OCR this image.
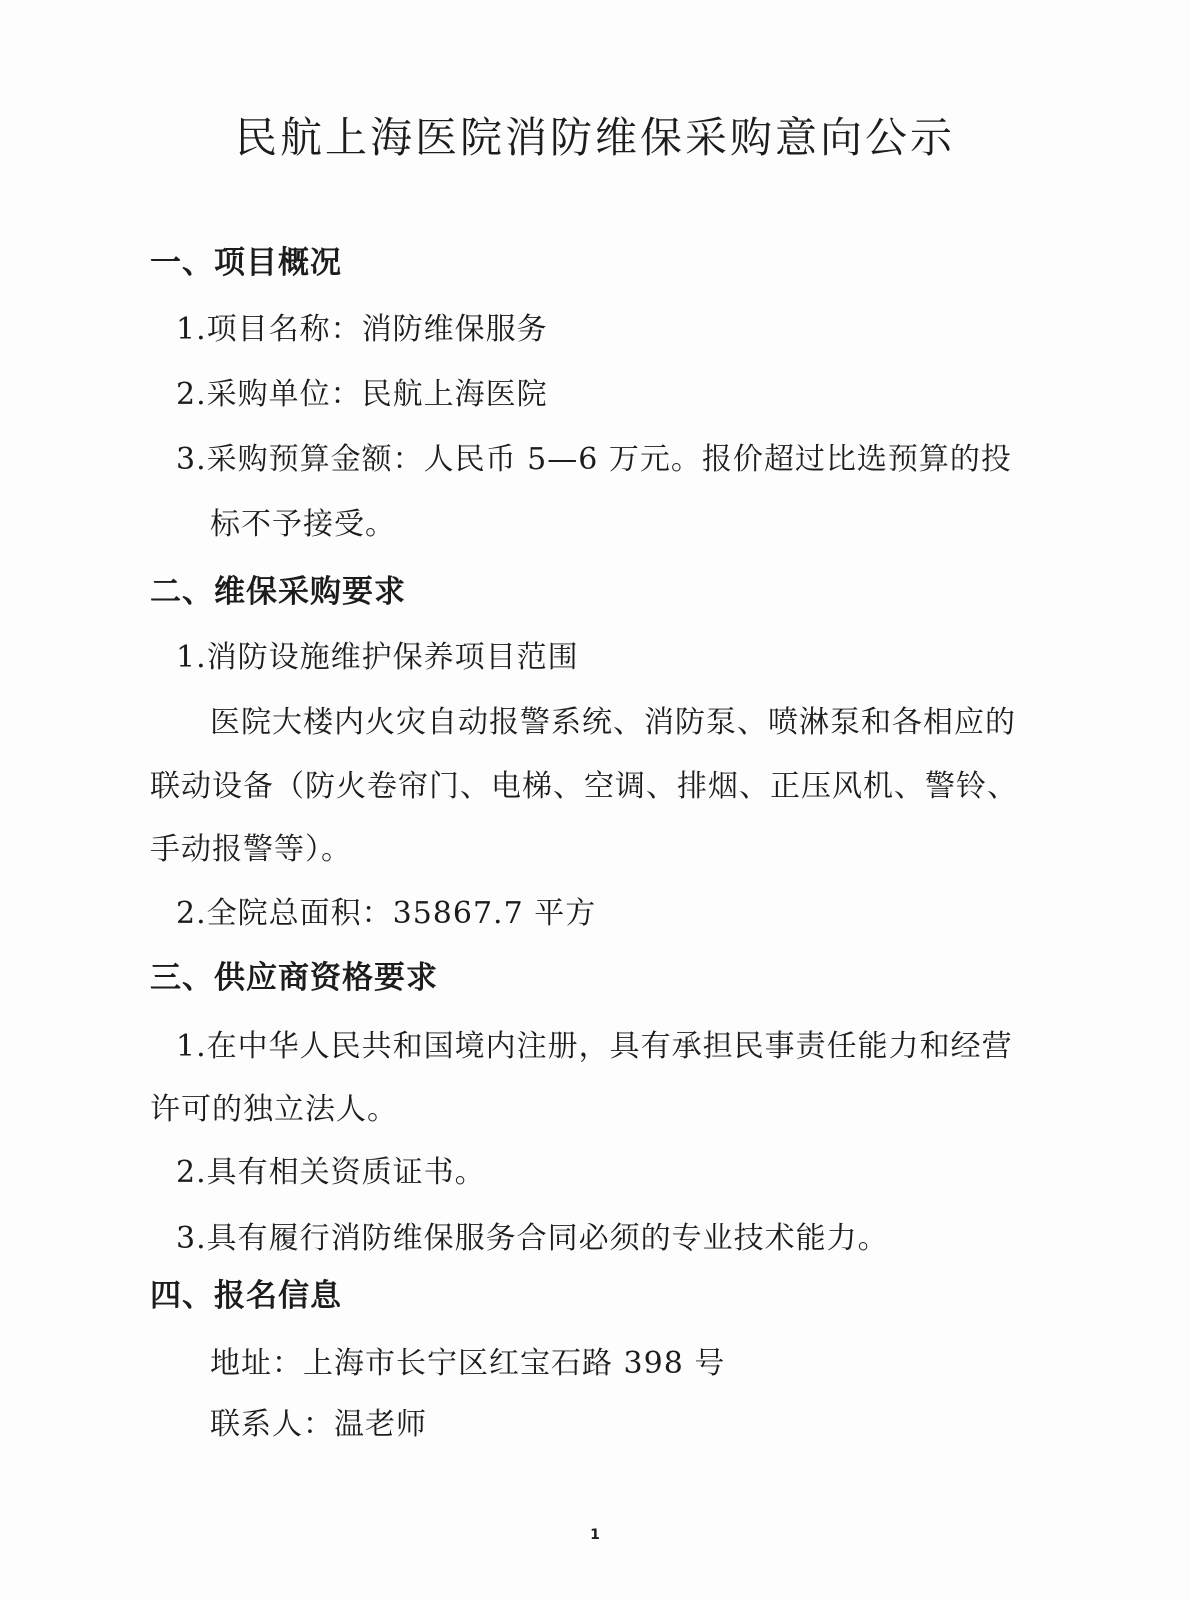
民航上海医院消防维保采购意向公示
一、项目概况
1.项目名称：消防维保服务
2.采购单位：民航上海医院
3.采购预算金额：人民币 5—6 万元。报价超过比选预算的投
标不予接受。
二、维保采购要求
1.消防设施维护保养项目范围
医院大楼内火灾自动报警系统、消防泵、喷淋泵和各相应的
联动设备（防火卷帘门、电梯、空调、排烟、正压风机、警铃、
手动报警等）。
2.全院总面积：35867.7 平方
三、供应商资格要求
1.在中华人民共和国境内注册，具有承担民事责任能力和经营
许可的独立法人。
2.具有相关资质证书。
3.具有履行消防维保服务合同必须的专业技术能力。
四、报名信息
地址：上海市长宁区红宝石路 398 号
联系人：温老师
1
